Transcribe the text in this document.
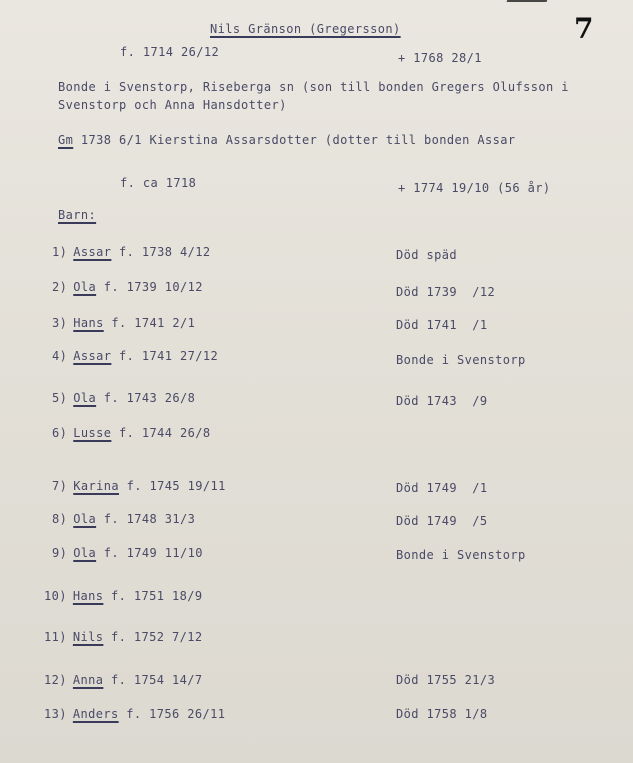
7
Nils Gränson (Gregersson)
f. 1714 26/12	+ 1768 28/1
Bonde i Svenstorp, Riseberga sn (son till bonden Gregers Olufsson i
Svenstorp och Anna Hansdotter)
Gm 1738 6/1 Kierstina Assarsdotter (dotter till bonden Assar
f. ca 1718	+ 1774 19/10 (56 år)
Barn:
1) Assar f. 1738 4/12	Död späd
2) Ola f. 1739 10/12	Död 1739  /12
3) Hans f. 1741 2/1	Död 1741  /1
4) Assar f. 1741 27/12	Bonde i Svenstorp
5) Ola f. 1743 26/8	Död 1743  /9
6) Lusse f. 1744 26/8
7) Karina f. 1745 19/11	Död 1749  /1
8) Ola f. 1748 31/3	Död 1749  /5
9) Ola f. 1749 11/10	Bonde i Svenstorp
10) Hans f. 1751 18/9
11) Nils f. 1752 7/12
12) Anna f. 1754 14/7	Död 1755 21/3
13) Anders f. 1756 26/11	Död 1758 1/8
